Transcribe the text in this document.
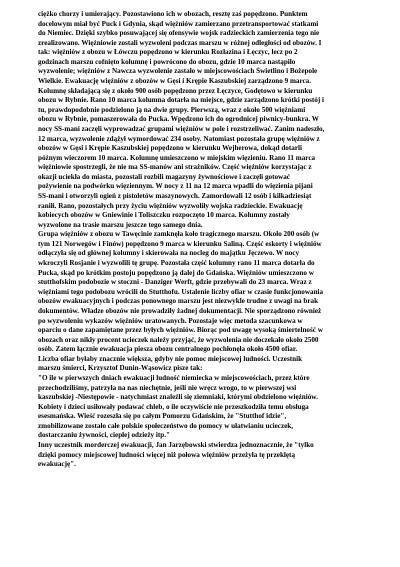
ciężko chorzy i umierający. Pozostawiono ich w obozach, resztę zaś popędzono. Punktem
docelowym miał być Puck i Gdynia, skąd więźniów zamierzano przetransportować statkami
do Niemiec. Dzięki szybko posuwającej się ofensywie wojsk radzieckich zamierzenia tego nie
zrealizowano. Więźniowie zostali wyzwoleni podczas marszu w różnej odległości od obozów. I
tak: więźniów z obozu w Łówczu popędzono w kierunku Rozłazina i Łęczyc, lecz po 2
godzinach marszu cofnięto kolumnę i powrócono do obozu, gdzie 10 marca nastąpiło
wyzwolenie; więźniów z Nawcza wyzwolenie zastało w miejscowościach Świetlino i Bożepole
Wielkie. Ewakuację więźniów z obozów w Gęsi i Krępie Kaszubskiej zarządzono 9 marca.
Kolumnę składającą się z około 900 osób popędzono przez Łęczyce, Godętowo w kierunku
obozu w Rybnie. Rano 10 marca kolumna dotarła na miejsce, gdzie zarządzono krótki postój i
tu, prawdopodobnie podzielono ją na dwie grupy. Pierwszą, wraz z około 500 więźniami
obozu w Rybnie, pomaszerowała do Pucka. Wpędzono ich do ogrodnicej piwnicy-bunkra. W
nocy SS-mani zaczęli wyprowadzać grupami więźniów w pole i rozstrzeliwać. Zanim nadeszło,
12 marca, wyzwolenie zdążył wymordować 234 osoby. Natomiast pozostała grupę więźniów z
obozów w Gęsi i Krępie Kaszubskiej popędzono w kierunku Wejherowa, dokąd dotarli
późnym wieczorem 10 marca. Kolumnę umieszczono w miejskim więzieniu. Rano 11 marca
więźniowie spostrzegli, że nie ma SS-manów ani strażników. Część więźniów korzystając z
okazji uciekła do miasta, pozostali rozbili magazyny żywnościowe i zaczęli gotować
pożywienie na podwórku więziennym. W nocy z 11 na 12 marca wpadli do więzienia pijani
SS-mani i otworzyli ogień z pistoletów maszynowych. Zamordowali 12 osób i kilkadziesiąt
raniłi. Rano, pozostałych przy życiu więźniów wyzwoliły wojska radzieckie. Ewakuację
kobiecych obozów w Gniewinie i Toliszczku rozpoczęto 10 marca. Kolumny zostały
wyzwolone na trasie marszu jeszcze tego samego dnia.
Grupa więźniów z obozu w Tawęcinie zamknęła koło tragicznego marszu. Około 200 osób (w
tym 121 Norwegów i Finów) popędzono 9 marca w kierunku Saliną. Część eskorty i więźniów
odłączyła się od głównej kolumny i skierowała na nocleg do majątku Jęczewo. W nocy
wkroczyli Rosjanie i wyzwolili tę grupę. Pozostała część kolumny rano 11 marca dotarła do
Pucka, skąd po krótkim postoju popędzono ją dalej do Gdańska. Więźniów umieszczono w
stutthofskim podobozie w stoczni - Danziger Werft, gdzie przebywali do 23 marca. Wraz z
więźniami tego podobozu wrócili do Stutthofu. Ustalenie liczby ofiar w czasie funkcjonowania
obozów ewakuacyjnych i podczas ponownego marszu jest niezwykle trudne z uwagi na brak
dokumentów. Władze obozów nie prowadziły żadnej dokumentacji. Nie sporządzono również
po wyzwoleniu wykazów więźniów uratowanych. Pozostaje więc metoda szacunkowa w
oparciu o dane zapamiętane przez byłych więźniów. Biorąc pod uwagę wysoką śmiertelność w
obozach oraz nikły procent ucieczek należy przyjąć, że wyzwolenia nie doczekało około 2500
osób. Zatem łącznie ewakuacja piesza obozu centralnego pochłonęła około 4500 ofiar.
Liczba ofiar byłaby znacznie większa, gdyby nie pomoc miejscowej ludności. Uczestnik
marszu śmierci, Krzysztof Dunin-Wąsowicz pisze tak:
"O ile w pierwszych dniach ewakuacji ludność niemiecka w miejscowościach, przez które
przechodziliśmy, patrzyła na nas niechętnie, jeśli nie wręcz wrogo, to w pierwszej wsi
kaszubskiej -Niestępowie - natychmiast znaleźli się ziemniaki, którymi obdzielono więźniów.
Kobiety i dzieci usiłowały podawać chleb, o ile oczywiście nie przeszkodziła temu obsługa
esesmańska. Wieść rozeszła się po całym Pomorzu Gdańskim, że "Stutthof idzie",
zmobilizowane zostało całe polskie społeczeństwo do pomocy w ułatwianiu ucieczek,
dostarczaniu żywności, ciepłej odzieży itp."
Inny uczestnik morderczej ewakuacji, Jan Jarzębowski stwierdza jednoznacznie, że "tylko
dzięki pomocy miejscowej ludności więcej niż połowa więźniów przeżyła tę przeklętą
ewakuację".
